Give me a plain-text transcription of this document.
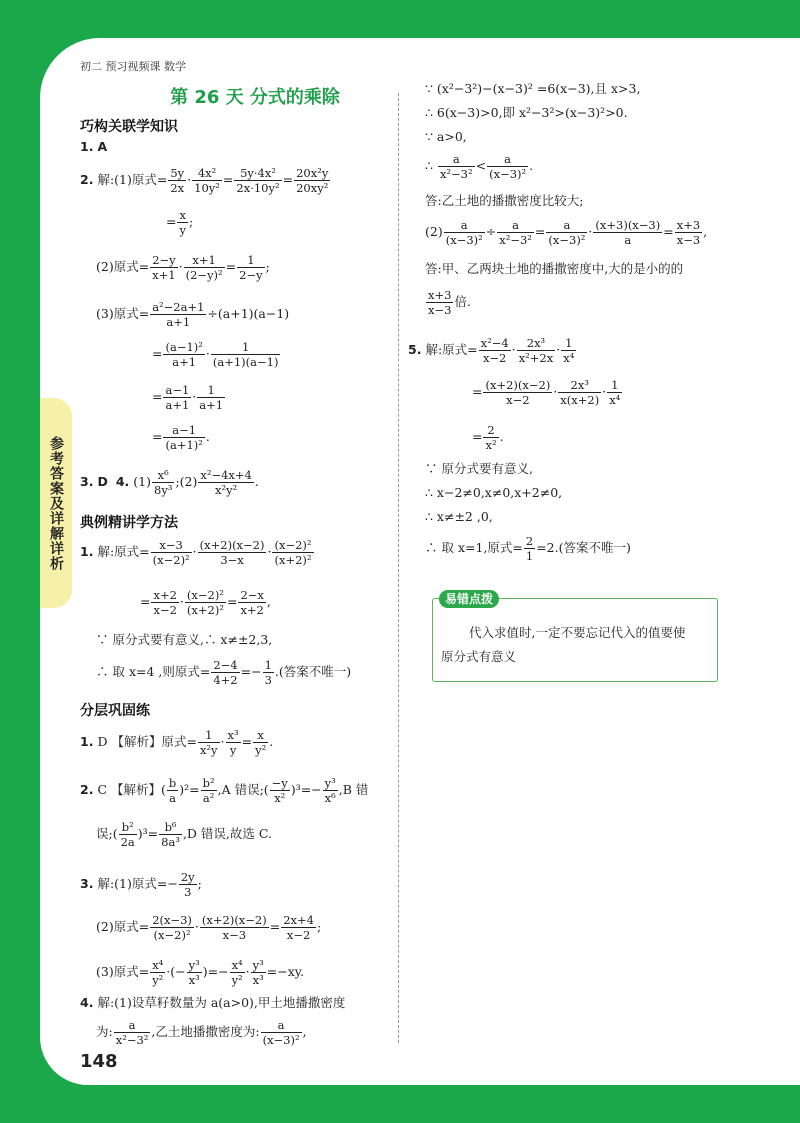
初二 预习视频课 数学
第 26 天 分式的乘除
参考答案及详解详析
巧构关联学知识
1. A
2. 解:(1)原式= $\frac{5y}{2x} \cdot \frac{\text{4x²}}{\text{10y²}} = \frac{\text{5y·4x²}}{\text{2x·10y²}} = \frac{\text{20x²y}}{\text{20xy²}}$
= $\frac{x}{y}$ ;
(2)原式= $\frac{2-y}{x+1} \cdot \frac{x+1}{\text{(2−y)²}} = \frac{1}{2-y}$ ;
(3)原式= $\frac{\text{a²−2a+1}}{a+1} \div(a+1)(a-1)$
= $\frac{\text{(a−1)²}}{a+1} \cdot \frac{1}{(a+1)(a-1)}$
= $\frac{a-1}{a+1} \cdot \frac{1}{a+1}$
= $\frac{a-1}{\text{(a+1)²}}$ .
3. D 4. $(1) \frac{\text{x⁶}}{\text{8y³}}$ ;(2) $\frac{\text{x²−4x+4}}{\text{x²y²}}$ .
典例精讲学方法
1. 解:原式= $\frac{x-3}{\text{(x−2)²}} \cdot \frac{(x+2)(x-2)}{3-x} \cdot \frac{\text{(x−2)²}}{\text{(x+2)²}}$
= $\frac{x+2}{x-2} \cdot \frac{\text{(x−2)²}}{\text{(x+2)²}} = \frac{2-x}{x+2}$ ,
∵ 原分式要有意义,∴ x≠±2,3,
∴ 取 x=4 ,则原式= $\frac{2-4}{4+2} =- \frac{1}{3}$ .(答案不唯一)
分层巩固练
1. D 【解析】原式= $\frac{1}{\text{x²y}} \cdot \frac{\text{x³}}{y} = \frac{x}{\text{y²}}$ .
2. C 【解析】( $\frac{b}{a} )^2= \frac{\text{b²}}{\text{a²}} ,A$ 错误;( $\frac{-y}{\text{x²}} )^3=- \frac{\text{y³}}{\text{x⁶}} ,B$ 错
误;( $\frac{\text{b²}}{2a} )^3= \frac{\text{b⁶}}{\text{8a³}} ,D$ 错误,故选 C.
3. 解:(1)原式=− $\frac{2y}{3}$ ;
(2)原式= $\frac{2(x-3)}{\text{(x−2)²}} \cdot \frac{(x+2)(x-2)}{x-3} = \frac{2x+4}{x-2}$ ;
(3)原式= $\frac{\text{x⁴}}{\text{y²}}$ ·(− $\frac{\text{y³}}{\text{x³}}$ )=− $\frac{\text{x⁴}}{\text{y²}} \cdot \frac{\text{y³}}{\text{x³}} =-xy$.
4. 解:(1)设草籽数量为 a(a>0),甲土地播撒密度
为: $\frac{a}{\text{x²−3²}}$ ,乙土地播撒密度为: $\frac{a}{\text{(x−3)²}}$ ,
∵ (x²−3²)−(x−3)² =6(x−3),且 x>3,
∴ 6(x−3)>0,即 x²−3²>(x−3)²>0.
∵ a>0,
∴ $\frac{a}{\text{x²−3²}} < \frac{a}{\text{(x−3)²}}$ .
答:乙土地的播撒密度比较大;
$(2) \frac{a}{\text{(x−3)²}} \div \frac{a}{\text{x²−3²}} = \frac{a}{\text{(x−3)²}} \cdot \frac{(x+3)(x-3)}{a} = \frac{x+3}{x-3}$ ,
答:甲、乙两块土地的播撒密度中,大的是小的的
$\frac{x+3}{x-3}$ 倍.
5. 解:原式= $\frac{\text{x²−4}}{x-2} \cdot \frac{\text{2x³}}{\text{x²+2x}} \cdot \frac{1}{\text{x⁴}}$
= $\frac{(x+2)(x-2)}{x-2} \cdot \frac{\text{2x³}}{x(x+2)} \cdot \frac{1}{\text{x⁴}}$
= $\frac{2}{\text{x²}}$ .
∵ 原分式要有意义,
∴ x−2≠0,x≠0,x+2≠0,
∴ x≠±2 ,0,
∴ 取 x=1,原式= $\frac{2}{1} =2$.(答案不唯一)
易错点拨
代入求值时,一定不要忘记代入的值要使
原分式有意义
148
